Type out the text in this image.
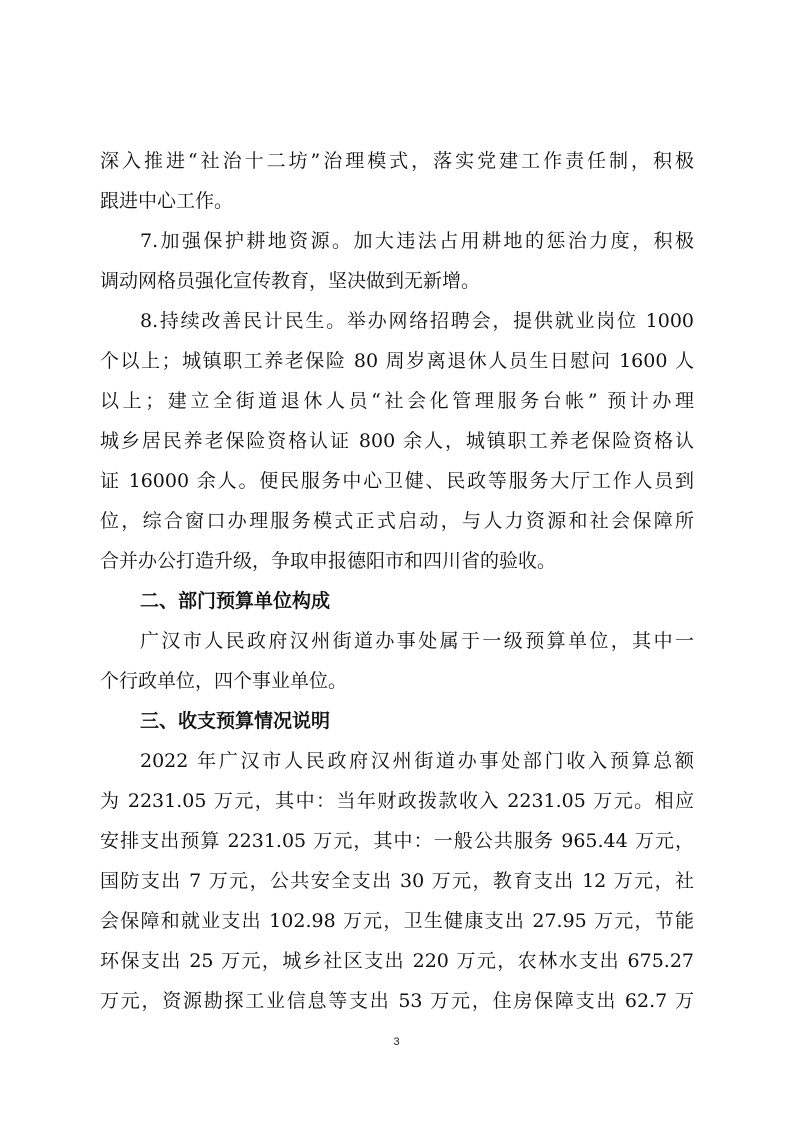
深入推进“社治十二坊”治理模式，落实党建工作责任制，积极
跟进中心工作。
7.加强保护耕地资源。加大违法占用耕地的惩治力度，积极
调动网格员强化宣传教育，坚决做到无新增。
8.持续改善民计民生。举办网络招聘会，提供就业岗位 1000
个以上；城镇职工养老保险 80 周岁离退休人员生日慰问 1600 人
以上；建立全街道退休人员“社会化管理服务台帐” 预计办理
城乡居民养老保险资格认证 800 余人，城镇职工养老保险资格认
证 16000 余人。便民服务中心卫健、民政等服务大厅工作人员到
位，综合窗口办理服务模式正式启动，与人力资源和社会保障所
合并办公打造升级，争取申报德阳市和四川省的验收。
二、部门预算单位构成
广汉市人民政府汉州街道办事处属于一级预算单位，其中一
个行政单位，四个事业单位。
三、收支预算情况说明
2022 年广汉市人民政府汉州街道办事处部门收入预算总额
为 2231.05 万元，其中：当年财政拨款收入 2231.05 万元。相应
安排支出预算 2231.05 万元，其中：一般公共服务 965.44 万元，
国防支出 7 万元，公共安全支出 30 万元，教育支出 12 万元，社
会保障和就业支出 102.98 万元，卫生健康支出 27.95 万元，节能
环保支出 25 万元，城乡社区支出 220 万元，农林水支出 675.27
万元，资源勘探工业信息等支出 53 万元，住房保障支出 62.7 万
3
